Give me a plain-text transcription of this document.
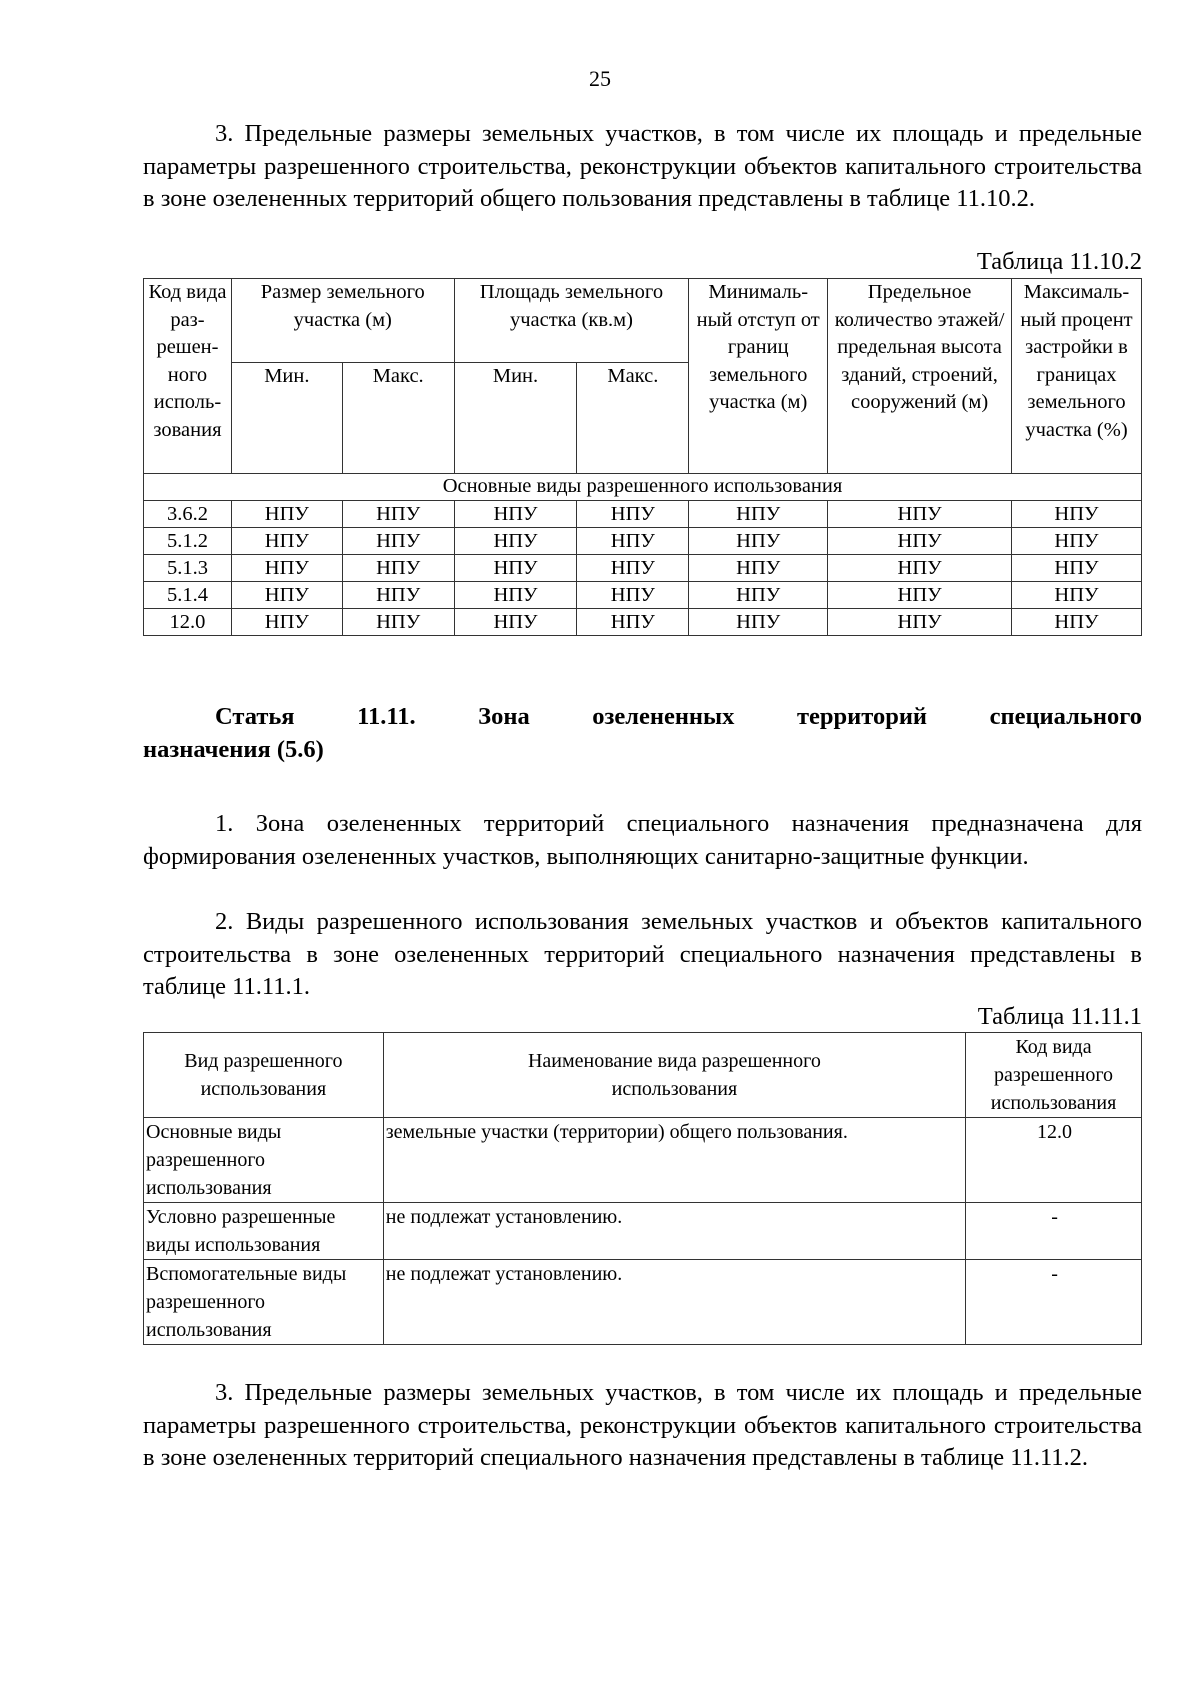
25
3. Предельные размеры земельных участков, в том числе их площадь и предельные параметры разрешенного строительства, реконструкции объектов капитального строительства в зоне озелененных территорий общего пользования представлены в таблице 11.10.2.
Таблица 11.10.2
Код вида раз- решен- ного исполь- зования	Размер земельного участка (м)		Площадь земельного участка (кв.м)		Минималь- ный отступ от границ земельного участка (м)	Предельное количество этажей/ предельная высота зданий, строений, сооружений (м)	Максималь- ный процент застройки в границах земельного участка (%)
	Мин.	Макс.	Мин.	Макс.			
Основные виды разрешенного использования							
3.6.2	НПУ	НПУ	НПУ	НПУ	НПУ	НПУ	НПУ
5.1.2	НПУ	НПУ	НПУ	НПУ	НПУ	НПУ	НПУ
5.1.3	НПУ	НПУ	НПУ	НПУ	НПУ	НПУ	НПУ
5.1.4	НПУ	НПУ	НПУ	НПУ	НПУ	НПУ	НПУ
12.0	НПУ	НПУ	НПУ	НПУ	НПУ	НПУ	НПУ
Статья	11.11.	Зона	озелененных	территорий	специального
назначения (5.6)
1. Зона озелененных территорий специального назначения предназначена для формирования озелененных участков, выполняющих санитарно-защитные функции.
2. Виды разрешенного использования земельных участков и объектов капитального строительства в зоне озелененных территорий специального назначения представлены в таблице 11.11.1.
Таблица 11.11.1
Вид разрешенного использования	Наименование вида разрешенного использования	Код вида разрешенного использования
Основные виды разрешенного использования	земельные участки (территории) общего пользования.	12.0
Условно разрешенные виды использования	не подлежат установлению.	-
Вспомогательные виды разрешенного использования	не подлежат установлению.	-
3. Предельные размеры земельных участков, в том числе их площадь и предельные параметры разрешенного строительства, реконструкции объектов капитального строительства в зоне озелененных территорий специального назначения представлены в таблице 11.11.2.
